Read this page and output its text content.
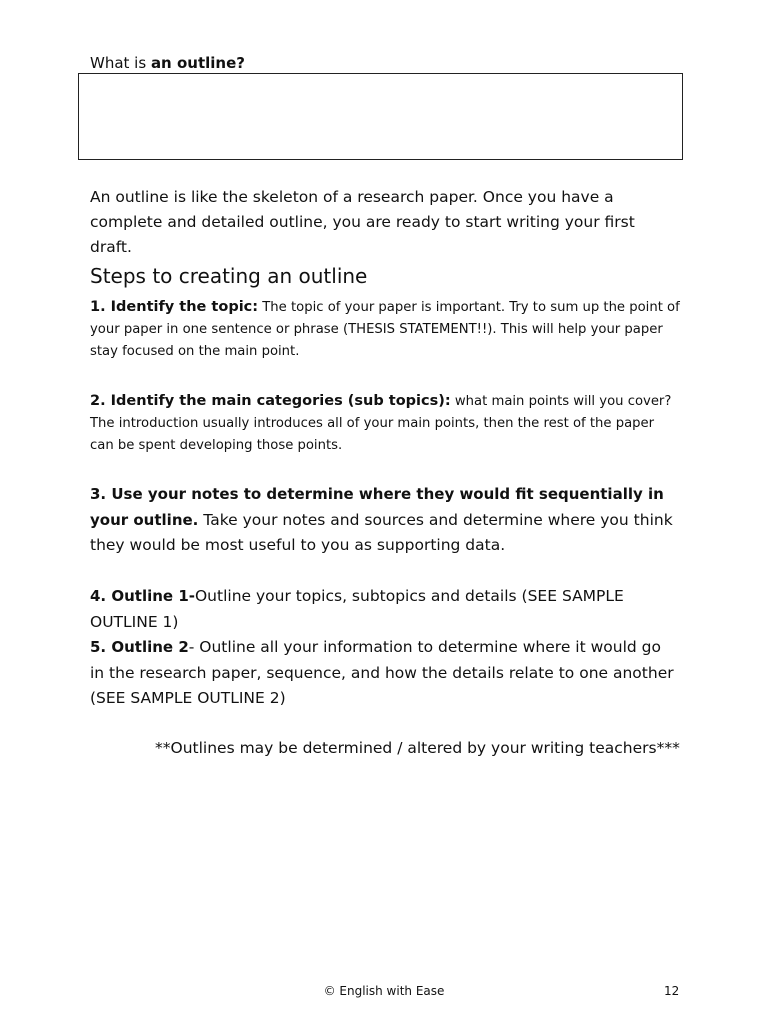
What is an outline?
An outline is like the skeleton of a research paper. Once you have a complete and detailed outline, you are ready to start writing your first draft.
Steps to creating an outline
1. Identify the topic: The topic of your paper is important. Try to sum up the point of your paper in one sentence or phrase (THESIS STATEMENT!!). This will help your paper stay focused on the main point.
2. Identify the main categories (sub topics): what main points will you cover? The introduction usually introduces all of your main points, then the rest of the paper can be spent developing those points.
3. Use your notes to determine where they would fit sequentially in your outline. Take your notes and sources and determine where you think they would be most useful to you as supporting data.
4. Outline 1-Outline your topics, subtopics and details (SEE SAMPLE OUTLINE 1)
5. Outline 2- Outline all your information to determine where it would go in the research paper, sequence, and how the details relate to one another (SEE SAMPLE OUTLINE 2)
**Outlines may be determined / altered by your writing teachers***
© English with Ease	12
